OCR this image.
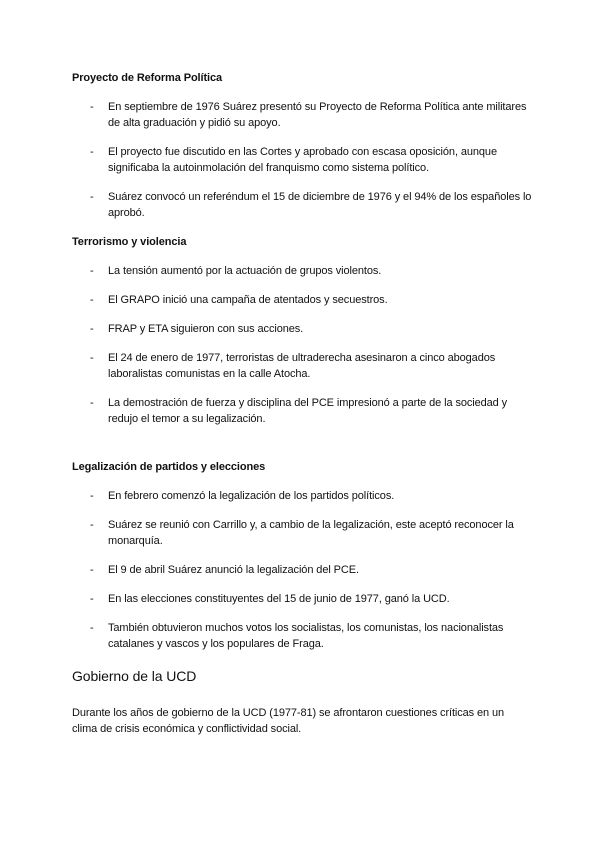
Proyecto de Reforma Política
- En septiembre de 1976 Suárez presentó su Proyecto de Reforma Política ante militares de alta graduación y pidió su apoyo.
- El proyecto fue discutido en las Cortes y aprobado con escasa oposición, aunque significaba la autoinmolación del franquismo como sistema político.
- Suárez convocó un referéndum el 15 de diciembre de 1976 y el 94% de los españoles lo aprobó.
Terrorismo y violencia
- La tensión aumentó por la actuación de grupos violentos.
- El GRAPO inició una campaña de atentados y secuestros.
- FRAP y ETA siguieron con sus acciones.
- El 24 de enero de 1977, terroristas de ultraderecha asesinaron a cinco abogados laboralistas comunistas en la calle Atocha.
- La demostración de fuerza y disciplina del PCE impresionó a parte de la sociedad y redujo el temor a su legalización.
Legalización de partidos y elecciones
- En febrero comenzó la legalización de los partidos políticos.
- Suárez se reunió con Carrillo y, a cambio de la legalización, este aceptó reconocer la monarquía.
- El 9 de abril Suárez anunció la legalización del PCE.
- En las elecciones constituyentes del 15 de junio de 1977, ganó la UCD.
- También obtuvieron muchos votos los socialistas, los comunistas, los nacionalistas catalanes y vascos y los populares de Fraga.
Gobierno de la UCD

Durante los años de gobierno de la UCD (1977-81) se afrontaron cuestiones críticas en un clima de crisis económica y conflictividad social.
